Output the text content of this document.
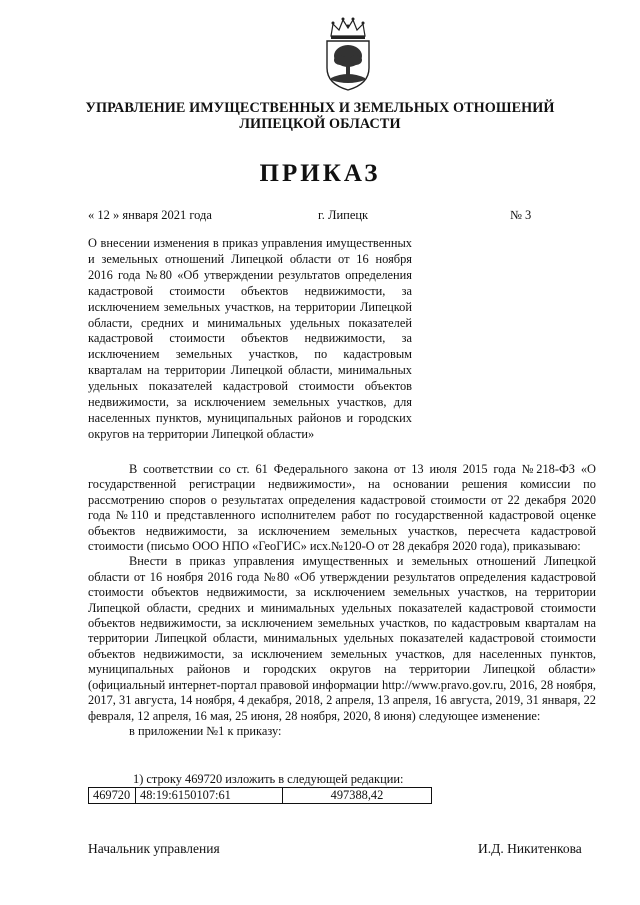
УПРАВЛЕНИЕ ИМУЩЕСТВЕННЫХ И ЗЕМЕЛЬНЫХ ОТНОШЕНИЙ
ЛИПЕЦКОЙ ОБЛАСТИ
ПРИКАЗ
« 12 » января 2021 года	г. Липецк	№ 3
О внесении изменения в приказ управления имущественных и земельных отношений Липецкой области от 16 ноября 2016 года №80 «Об утверждении результатов определения кадастровой стоимости объектов недвижимости, за исключением земельных участков, на территории Липецкой области, средних и минимальных удельных показателей кадастровой стоимости объектов недвижимости, за исключением земельных участков, по кадастровым кварталам на территории Липецкой области, минимальных удельных показателей кадастровой стоимости объектов недвижимости, за исключением земельных участков, для населенных пунктов, муниципальных районов и городских округов на территории Липецкой области»

В соответствии со ст. 61 Федерального закона от 13 июля 2015 года №218-ФЗ «О государственной регистрации недвижимости», на основании решения комиссии по рассмотрению споров о результатах определения кадастровой стоимости от 22 декабря 2020 года №110 и представленного исполнителем работ по государственной кадастровой оценке объектов недвижимости, за исключением земельных участков, пересчета кадастровой стоимости (письмо ООО НПО «ГеоГИС» исх.№120-О от 28 декабря 2020 года), приказываю:

Внести в приказ управления имущественных и земельных отношений Липецкой области от 16 ноября 2016 года №80 «Об утверждении результатов определения кадастровой стоимости объектов недвижимости, за исключением земельных участков, на территории Липецкой области, средних и минимальных удельных показателей кадастровой стоимости объектов недвижимости, за исключением земельных участков, по кадастровым кварталам на территории Липецкой области, минимальных удельных показателей кадастровой стоимости объектов недвижимости, за исключением земельных участков, для населенных пунктов, муниципальных районов и городских округов на территории Липецкой области» (официальный интернет-портал правовой информации http://www.pravo.gov.ru, 2016, 28 ноября, 2017, 31 августа, 14 ноября, 4 декабря, 2018, 2 апреля, 13 апреля, 16 августа, 2019, 31 января, 22 февраля, 12 апреля, 16 мая, 25 июня, 28 ноября, 2020, 8 июня) следующее изменение:

в приложении №1 к приказу:

1) строку 469720 изложить в следующей редакции:
469720	48:19:6150107:61	497388,42
Начальник управления	И.Д. Никитенкова
